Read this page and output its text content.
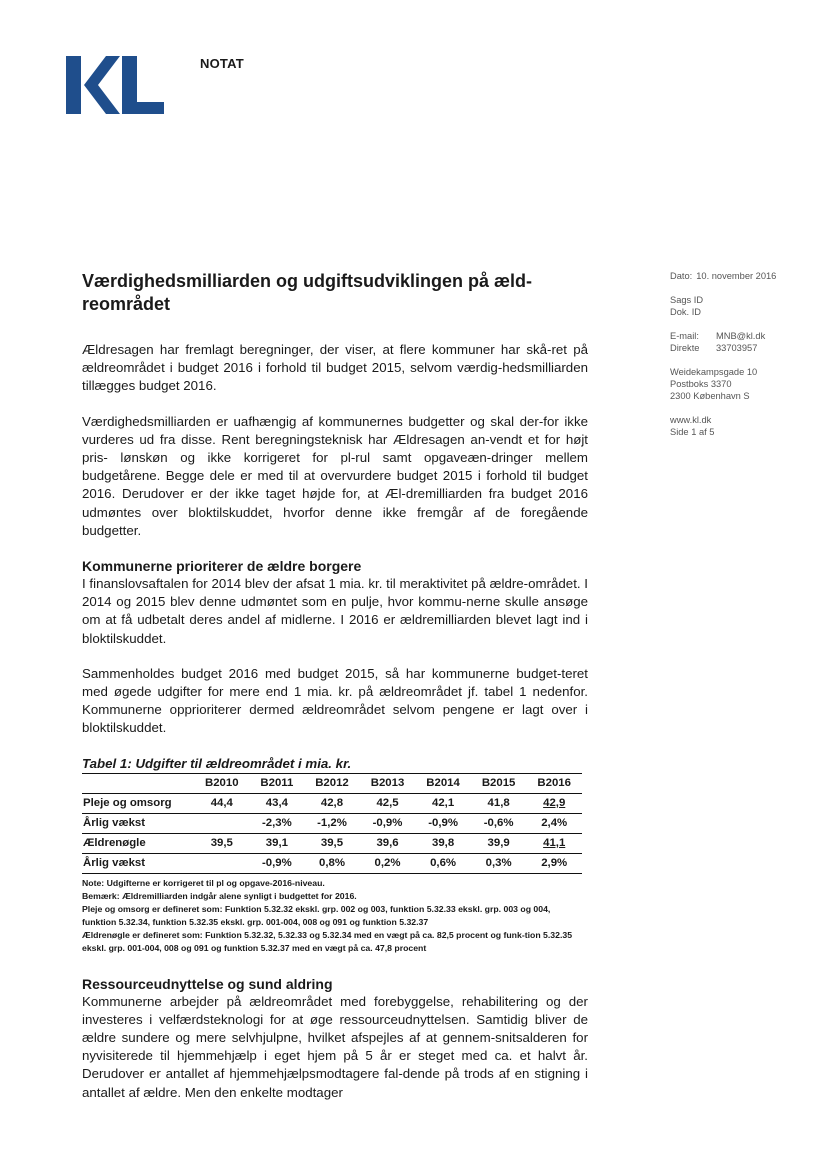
NOTAT
Værdighedsmilliarden og udgiftsudviklingen på æld-reområdet

Ældresagen har fremlagt beregninger, der viser, at flere kommuner har skå-ret på ældreområdet i budget 2016 i forhold til budget 2015, selvom værdig-hedsmilliarden tillægges budget 2016.

Værdighedsmilliarden er uafhængig af kommunernes budgetter og skal der-for ikke vurderes ud fra disse. Rent beregningsteknisk har Ældresagen an-vendt et for højt pris- lønskøn og ikke korrigeret for pl-rul samt opgaveæn-dringer mellem budgetårene. Begge dele er med til at overvurdere budget 2015 i forhold til budget 2016. Derudover er der ikke taget højde for, at Æl-dremilliarden fra budget 2016 udmøntes over bloktilskuddet, hvorfor denne ikke fremgår af de foregående budgetter.

Kommunerne prioriterer de ældre borgere

I finanslovsaftalen for 2014 blev der afsat 1 mia. kr. til meraktivitet på ældre-området. I 2014 og 2015 blev denne udmøntet som en pulje, hvor kommu-nerne skulle ansøge om at få udbetalt deres andel af midlerne. I 2016 er ældremilliarden blevet lagt ind i bloktilskuddet.

Sammenholdes budget 2016 med budget 2015, så har kommunerne budget-teret med øgede udgifter for mere end 1 mia. kr. på ældreområdet jf. tabel 1 nedenfor. Kommunerne opprioriterer dermed ældreområdet selvom pengene er lagt over i bloktilskuddet.

Tabel 1: Udgifter til ældreområdet i mia. kr.
	B2010	B2011	B2012	B2013	B2014	B2015	B2016
Pleje og omsorg	44,4	43,4	42,8	42,5	42,1	41,8	42,9
Årlig vækst		-2,3%	-1,2%	-0,9%	-0,9%	-0,6%	2,4%
Ældrenøgle	39,5	39,1	39,5	39,6	39,8	39,9	41,1
Årlig vækst		-0,9%	0,8%	0,2%	0,6%	0,3%	2,9%
Note: Udgifterne er korrigeret til pl og opgave-2016-niveau.
Bemærk: Ældremilliarden indgår alene synligt i budgettet for 2016.
Pleje og omsorg er defineret som: Funktion 5.32.32 ekskl. grp. 002 og 003, funktion 5.32.33 ekskl. grp. 003 og 004, funktion 5.32.34, funktion 5.32.35 ekskl. grp. 001-004, 008 og 091 og funktion 5.32.37
Ældrenøgle er defineret som: Funktion 5.32.32, 5.32.33 og 5.32.34 med en vægt på ca. 82,5 procent og funk-tion 5.32.35 ekskl. grp. 001-004, 008 og 091 og funktion 5.32.37 med en vægt på ca. 47,8 procent
Ressourceudnyttelse og sund aldring

Kommunerne arbejder på ældreområdet med forebyggelse, rehabilitering og der investeres i velfærdsteknologi for at øge ressourceudnyttelsen. Samtidig bliver de ældre sundere og mere selvhjulpne, hvilket afspejles af at gennem-snitsalderen for nyvisiterede til hjemmehjælp i eget hjem på 5 år er steget med ca. et halvt år. Derudover er antallet af hjemmehjælpsmodtagere fal-dende på trods af en stigning i antallet af ældre. Men den enkelte modtager

Dato: 10. november 2016
Sags ID
Dok. ID
E-mail:	MNB@kl.dk
Direkte	33703957
Weidekampsgade 10
Postboks 3370
2300 København S
www.kl.dk
Side 1 af 5
